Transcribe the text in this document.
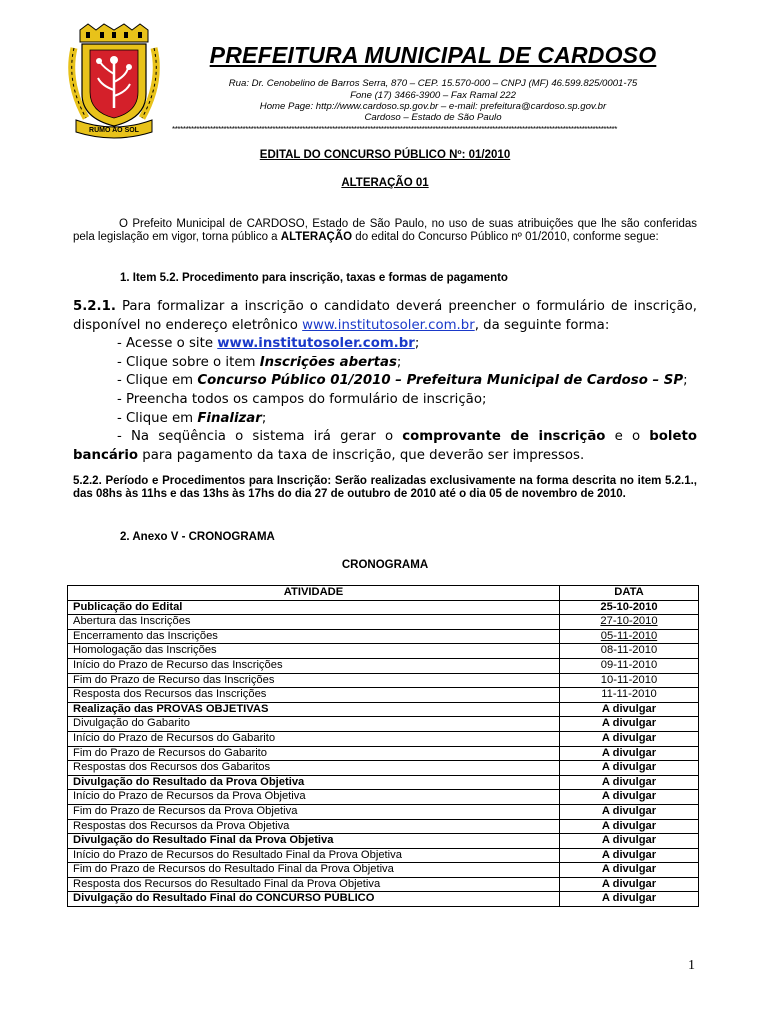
RUMO AO SOL
PREFEITURA MUNICIPAL DE CARDOSO
Rua: Dr. Cenobelino de Barros Serra, 870 – CEP. 15.570-000 – CNPJ (MF) 46.599.825/0001-75
Fone (17) 3466-3900 – Fax Ramal 222
Home Page: http://www.cardoso.sp.gov.br – e-mail: prefeitura@cardoso.sp.gov.br
Cardoso – Estado de São Paulo
********************************************************************************************************************************************************************
EDITAL DO CONCURSO PÚBLICO Nº: 01/2010
ALTERAÇÃO 01
O Prefeito Municipal de CARDOSO, Estado de São Paulo, no uso de suas atribuições que lhe são conferidas pela legislação em vigor, torna público a ALTERAÇÃO do edital do Concurso Público nº 01/2010, conforme segue:
1. Item 5.2. Procedimento para inscrição, taxas e formas de pagamento
5.2.1. Para formalizar a inscrição o candidato deverá preencher o formulário de inscrição, disponível no endereço eletrônico www.institutosoler.com.br, da seguinte forma:
- Acesse o site www.institutosoler.com.br;
- Clique sobre o item Inscrições abertas;
- Clique em Concurso Público 01/2010 – Prefeitura Municipal de Cardoso – SP;
- Preencha todos os campos do formulário de inscrição;
- Clique em Finalizar;
- Na seqüência o sistema irá gerar o comprovante de inscrição e o boleto bancário para pagamento da taxa de inscrição, que deverão ser impressos.
5.2.2. Período e Procedimentos para Inscrição: Serão realizadas exclusivamente na forma descrita no item 5.2.1., das 08hs às 11hs e das 13hs às 17hs do dia 27 de outubro de 2010 até o dia 05 de novembro de 2010.
2. Anexo V - CRONOGRAMA
CRONOGRAMA
ATIVIDADE	DATA
Publicação do Edital	25-10-2010
Abertura das Inscrições	27-10-2010
Encerramento das Inscrições	05-11-2010
Homologação das Inscrições	08-11-2010
Início do Prazo de Recurso das Inscrições	09-11-2010
Fim do Prazo de Recurso das Inscrições	10-11-2010
Resposta dos Recursos das Inscrições	11-11-2010
Realização das PROVAS OBJETIVAS	A divulgar
Divulgação do Gabarito	A divulgar
Início do Prazo de Recursos do Gabarito	A divulgar
Fim do Prazo de Recursos do Gabarito	A divulgar
Respostas dos Recursos dos Gabaritos	A divulgar
Divulgação do Resultado da Prova Objetiva	A divulgar
Início do Prazo de Recursos da Prova Objetiva	A divulgar
Fim do Prazo de Recursos da Prova Objetiva	A divulgar
Respostas dos Recursos da Prova Objetiva	A divulgar
Divulgação do Resultado Final da Prova Objetiva	A divulgar
Início do Prazo de Recursos do Resultado Final da Prova Objetiva	A divulgar
Fim do Prazo de Recursos do Resultado Final da Prova Objetiva	A divulgar
Resposta dos Recursos do Resultado Final da Prova Objetiva	A divulgar
Divulgação do Resultado Final do CONCURSO PÚBLICO	A divulgar
1
